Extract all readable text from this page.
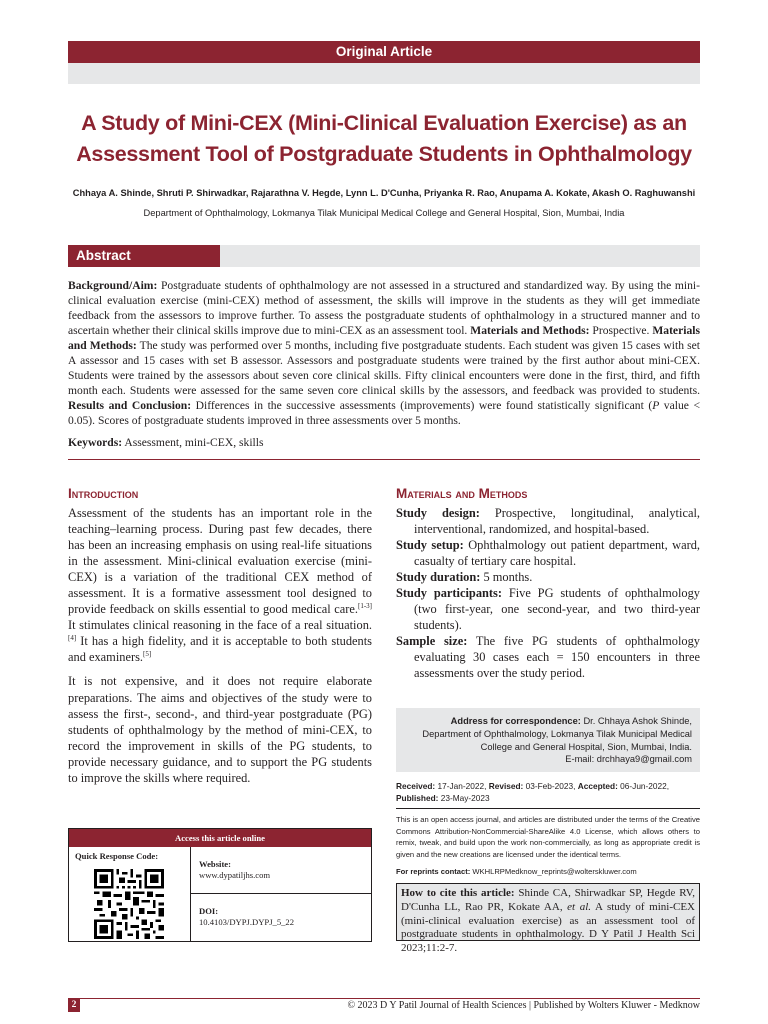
Original Article
A Study of Mini-CEX (Mini-Clinical Evaluation Exercise) as an
Assessment Tool of Postgraduate Students in Ophthalmology
Chhaya A. Shinde, Shruti P. Shirwadkar, Rajarathna V. Hegde, Lynn L. D'Cunha, Priyanka R. Rao, Anupama A. Kokate, Akash O. Raghuwanshi
Department of Ophthalmology, Lokmanya Tilak Municipal Medical College and General Hospital, Sion, Mumbai, India
Abstract
Background/Aim: Postgraduate students of ophthalmology are not assessed in a structured and standardized way. By using the mini-clinical evaluation exercise (mini-CEX) method of assessment, the skills will improve in the students as they will get immediate feedback from the assessors to improve further. To assess the postgraduate students of ophthalmology in a structured manner and to ascertain whether their clinical skills improve due to mini-CEX as an assessment tool. Materials and Methods: Prospective. Materials and Methods: The study was performed over 5 months, including five postgraduate students. Each student was given 15 cases with set A assessor and 15 cases with set B assessor. Assessors and postgraduate students were trained by the first author about mini-CEX. Students were trained by the assessors about seven core clinical skills. Fifty clinical encounters were done in the first, third, and fifth month each. Students were assessed for the same seven core clinical skills by the assessors, and feedback was provided to students. Results and Conclusion: Differences in the successive assessments (improvements) were found statistically significant (P value < 0.05). Scores of postgraduate students improved in three assessments over 5 months.
Keywords: Assessment, mini-CEX, skills
Introduction

Assessment of the students has an important role in the teaching–learning process. During past few decades, there has been an increasing emphasis on using real-life situations in the assessment. Mini-clinical evaluation exercise (mini-CEX) is a variation of the traditional CEX method of assessment. It is a formative assessment tool designed to provide feedback on skills essential to good medical care.[1-3] It stimulates clinical reasoning in the face of a real situation.[4] It has a high fidelity, and it is acceptable to both students and examiners.[5]

It is not expensive, and it does not require elaborate preparations. The aims and objectives of the study were to assess the first-, second-, and third-year postgraduate (PG) students of ophthalmology by the method of mini-CEX, to record the improvement in skills of the PG students, to provide necessary guidance, and to support the PG students to improve the skills where required.

Materials and Methods
Study design: Prospective, longitudinal, analytical, interventional, randomized, and hospital-based.
Study setup: Ophthalmology out patient department, ward, casualty of tertiary care hospital.
Study duration: 5 months.
Study participants: Five PG students of ophthalmology (two first-year, one second-year, and two third-year students).
Sample size: The five PG students of ophthalmology evaluating 30 cases each = 150 encounters in three assessments over the study period.
Address for correspondence: Dr. Chhaya Ashok Shinde,
Department of Ophthalmology, Lokmanya Tilak Municipal Medical
College and General Hospital, Sion, Mumbai, India.
E-mail: drchhaya9@gmail.com
Received: 17-Jan-2022, Revised: 03-Feb-2023, Accepted: 06-Jun-2022,
Published: 23-May-2023
This is an open access journal, and articles are distributed under the terms of the Creative Commons Attribution-NonCommercial-ShareAlike 4.0 License, which allows others to remix, tweak, and build upon the work non-commercially, as long as appropriate credit is given and the new creations are licensed under the identical terms.
For reprints contact: WKHLRPMedknow_reprints@wolterskluwer.com
How to cite this article: Shinde CA, Shirwadkar SP, Hegde RV, D'Cunha LL, Rao PR, Kokate AA, et al. A study of mini-CEX (mini-clinical evaluation exercise) as an assessment tool of postgraduate students in ophthalmology. D Y Patil J Health Sci 2023;11:2-7.
Access this article online
Quick Response Code:
Website:
www.dypatiljhs.com
DOI:
10.4103/DYPJ.DYPJ_5_22
2	© 2023 D Y Patil Journal of Health Sciences | Published by Wolters Kluwer - Medknow
